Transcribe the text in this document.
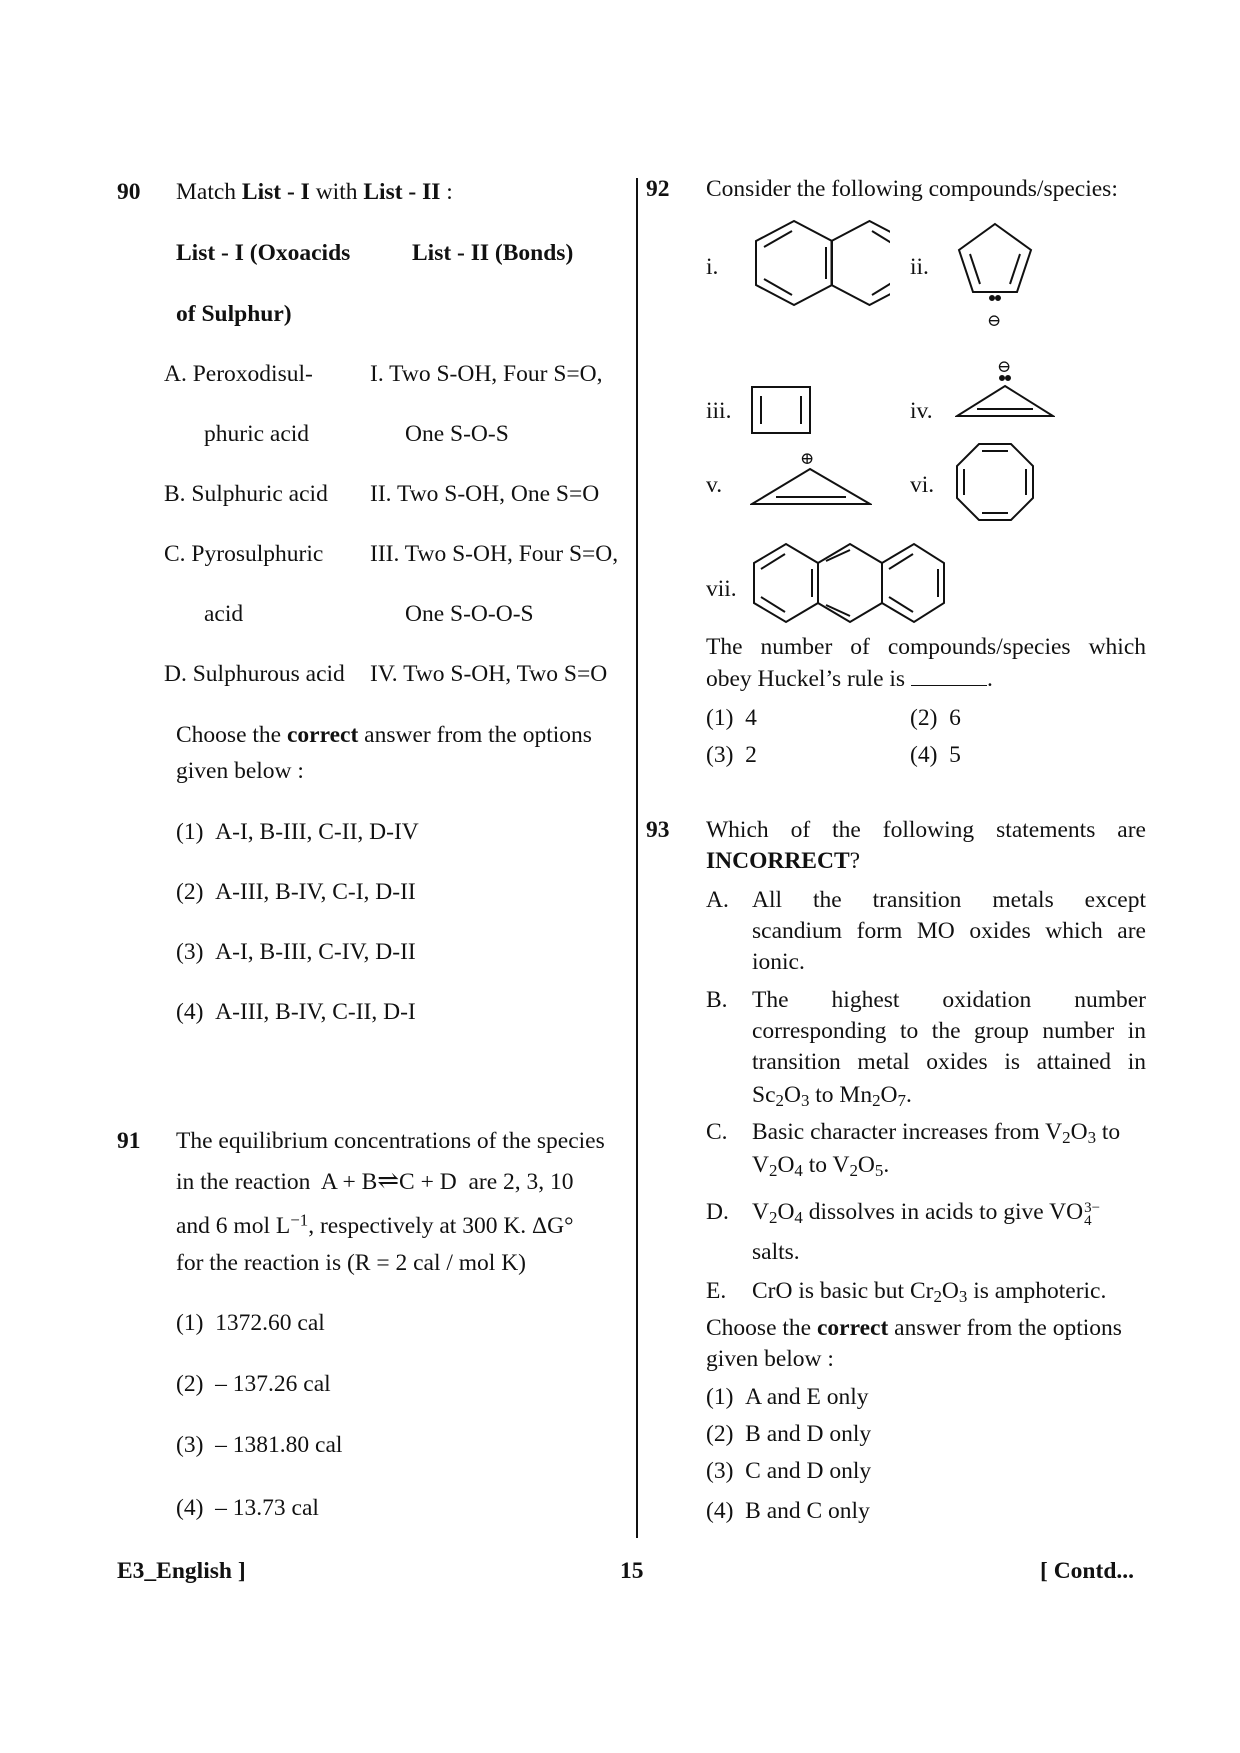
90 Match List - I with List - II :
List - I (Oxoacids	List - II (Bonds)
of Sulphur)
A. Peroxodisul- I. Two S-OH, Four S=O,
phuric acid	One S-O-S
B. Sulphuric acid II. Two S-OH, One S=O
C. Pyrosulphuric III. Two S-OH, Four S=O,
acid	One S-O-O-S
D. Sulphurous acid IV. Two S-OH, Two S=O
Choose the correct answer from the options
given below :
(1) A-I, B-III, C-II, D-IV
(2) A-III, B-IV, C-I, D-II
(3) A-I, B-III, C-IV, D-II
(4) A-III, B-IV, C-II, D-I
91 The equilibrium concentrations of the species
in the reaction A + B⇌C + D are 2, 3, 10
and 6 mol $L^{-1}$, respectively at 300 K. ΔG°
for the reaction is (R = 2 cal / mol K)
(1) 1372.60 cal
(2) – 137.26 cal
(3) – 1381.80 cal
(4) – 13.73 cal
92 Consider the following compounds/species:
i.	ii.
⊖
iii.	iv.
⊖
v.
⊕
vi.
vii.
The number of compounds/species which
obey Huckel’s rule is	.
(1) 4	(2) 6
(3) 2	(4) 5
93 Which of the following statements are
INCORRECT?
A. All the transition metals except
scandium form MO oxides which are
ionic.
B. The highest oxidation number
corresponding to the group number in
transition metal oxides is attained in
$Sc_2O_3$ to $Mn_2O_7$.
C. Basic character increases from $V_2O_3$ to
$V_2O_4$ to $V_2O_5$.
D. $V_2O_4$ dissolves in acids to give VO 3−
4
salts.
E. CrO is basic but $Cr_2O_3$ is amphoteric.
Choose the correct answer from the options
given below :
(1) A and E only
(2) B and D only
(3) C and D only
(4) B and C only
E3_English ]	15	[ Contd...
